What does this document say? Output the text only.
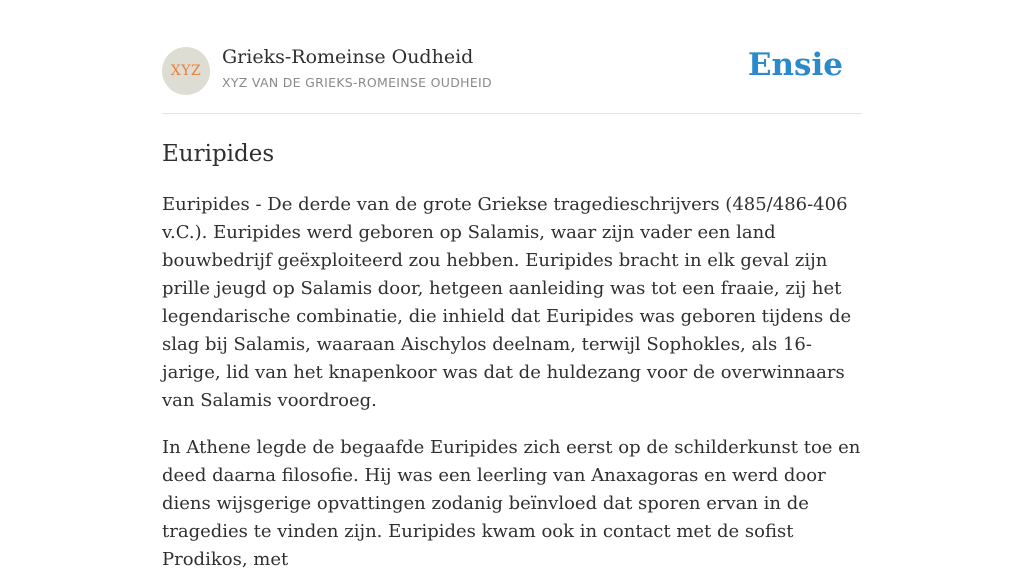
XYZ
Grieks-Romeinse Oudheid
XYZ VAN DE GRIEKS-ROMEINSE OUDHEID	Ensie
Euripides

Euripides - De derde van de grote Griekse tragedieschrijvers (485/486-406 v.C.). Euripides werd geboren op Salamis, waar zijn vader een land bouwbedrijf geëxploiteerd zou hebben. Euripides bracht in elk geval zijn prille jeugd op Salamis door, hetgeen aanleiding was tot een fraaie, zij het legendarische combinatie, die inhield dat Euripides was geboren tijdens de slag bij Salamis, waaraan Aischylos deelnam, terwijl Sophokles, als 16-jarige, lid van het knapenkoor was dat de huldezang voor de overwinnaars van Salamis voordroeg.

In Athene legde de begaafde Euripides zich eerst op de schilderkunst toe en deed daarna filosofie. Hij was een leerling van Anaxagoras en werd door diens wijsgerige opvattingen zodanig beïnvloed dat sporen ervan in de tragedies te vinden zijn. Euripides kwam ook in contact met de sofist Prodikos, met
